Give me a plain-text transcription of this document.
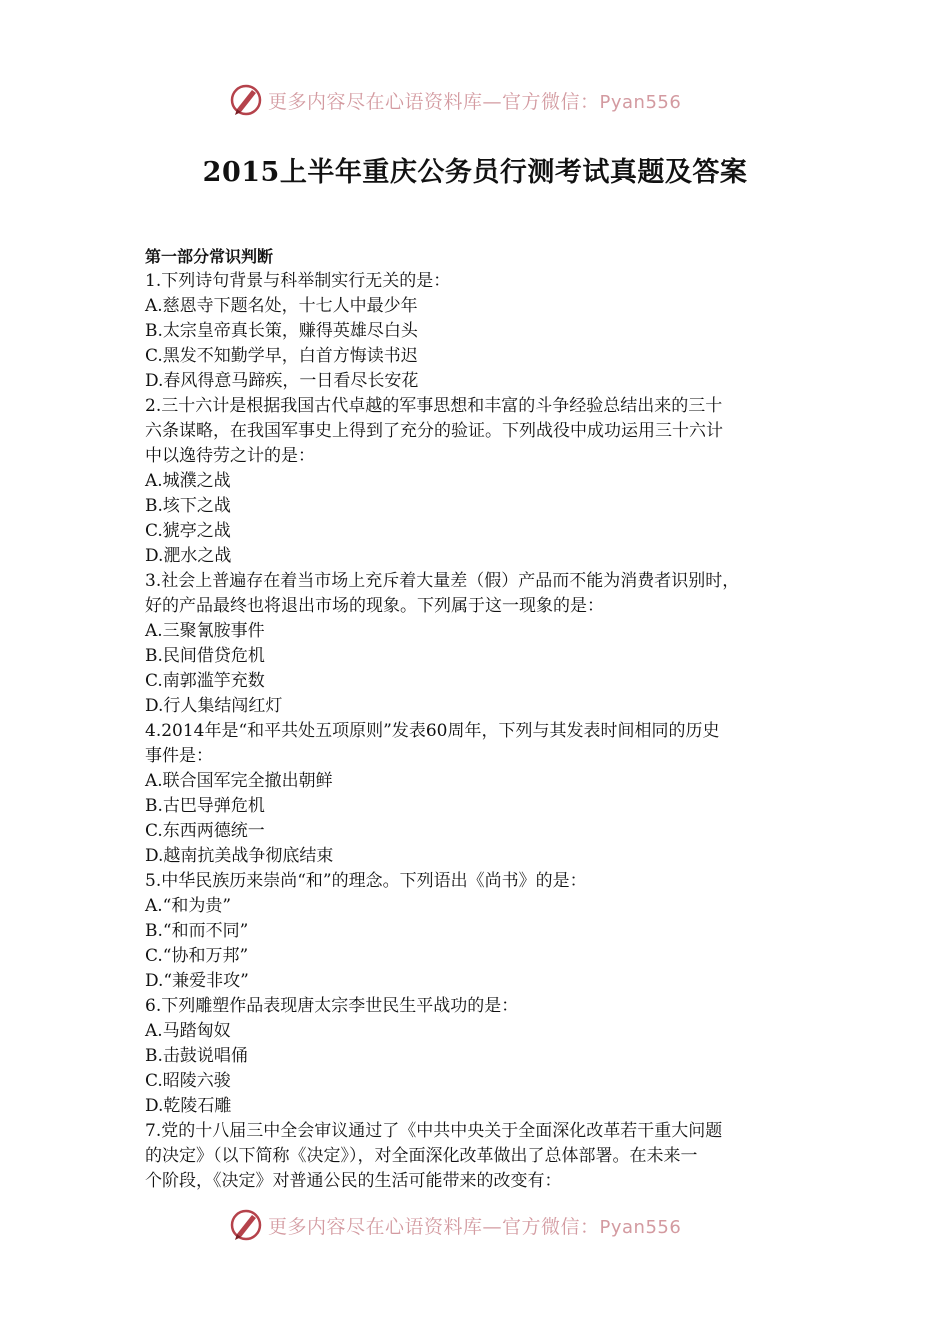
更多内容尽在心语资料库—官方微信：Pyan556
2015上半年重庆公务员行测考试真题及答案
第一部分常识判断
1.下列诗句背景与科举制实行无关的是：
A.慈恩寺下题名处，十七人中最少年
B.太宗皇帝真长策，赚得英雄尽白头
C.黑发不知勤学早，白首方悔读书迟
D.春风得意马蹄疾，一日看尽长安花
2.三十六计是根据我国古代卓越的军事思想和丰富的斗争经验总结出来的三十
六条谋略，在我国军事史上得到了充分的验证。下列战役中成功运用三十六计
中以逸待劳之计的是：
A.城濮之战
B.垓下之战
C.猇亭之战
D.淝水之战
3.社会上普遍存在着当市场上充斥着大量差（假）产品而不能为消费者识别时，
好的产品最终也将退出市场的现象。下列属于这一现象的是：
A.三聚氰胺事件
B.民间借贷危机
C.南郭滥竽充数
D.行人集结闯红灯
4.2014年是“和平共处五项原则”发表60周年，下列与其发表时间相同的历史
事件是：
A.联合国军完全撤出朝鲜
B.古巴导弹危机
C.东西两德统一
D.越南抗美战争彻底结束
5.中华民族历来崇尚“和”的理念。下列语出《尚书》的是：
A.“和为贵”
B.“和而不同”
C.“协和万邦”
D.“兼爱非攻”
6.下列雕塑作品表现唐太宗李世民生平战功的是：
A.马踏匈奴
B.击鼓说唱俑
C.昭陵六骏
D.乾陵石雕
7.党的十八届三中全会审议通过了《中共中央关于全面深化改革若干重大问题
的决定》（以下简称《决定》），对全面深化改革做出了总体部署。在未来一
个阶段，《决定》对普通公民的生活可能带来的改变有：
更多内容尽在心语资料库—官方微信：Pyan556
